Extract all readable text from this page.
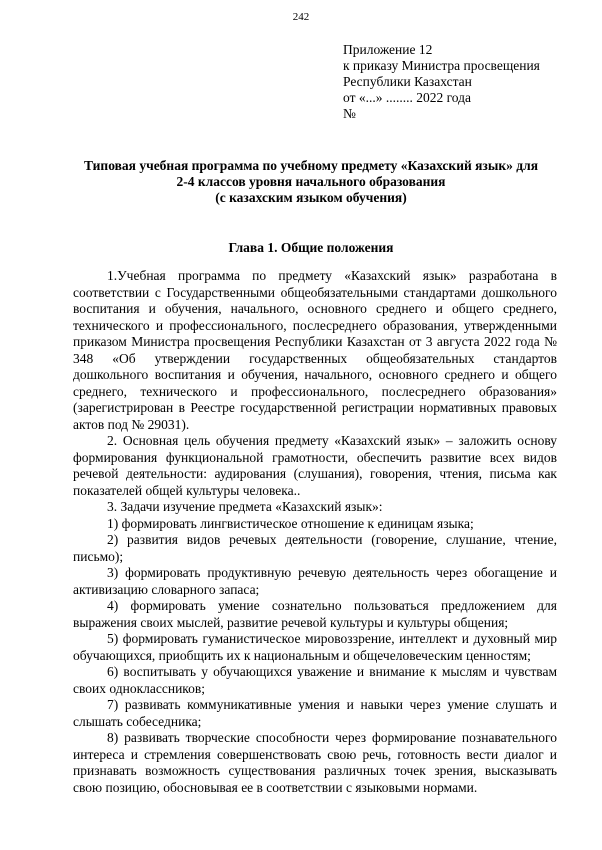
242
Приложение 12
к приказу Министра просвещения
Республики Казахстан
от «...» ........ 2022 года
№
Типовая учебная программа по учебному предмету «Казахский язык» для
2-4 классов уровня начального образования
(с казахским языком обучения)
Глава 1. Общие положения

1.Учебная программа по предмету «Казахский язык» разработана в соответствии с Государственными общеобязательными стандартами дошкольного воспитания и обучения, начального, основного среднего и общего среднего, технического и профессионального, послесреднего образования, утвержденными приказом Министра просвещения Республики Казахстан от 3 августа 2022 года № 348 «Об утверждении государственных общеобязательных стандартов дошкольного воспитания и обучения, начального, основного среднего и общего среднего, технического и профессионального, послесреднего образования» (зарегистрирован в Реестре государственной регистрации нормативных правовых актов под № 29031).

2. Основная цель обучения предмету «Казахский язык» – заложить основу формирования функциональной грамотности, обеспечить развитие всех видов речевой деятельности: аудирования (слушания), говорения, чтения, письма как показателей общей культуры человека..

3. Задачи изучение предмета «Казахский язык»:

1) формировать лингвистическое отношение к единицам языка;

2) развития видов речевых деятельности (говорение, слушание, чтение, письмо);

3) формировать продуктивную речевую деятельность через обогащение и активизацию словарного запаса;

4) формировать умение сознательно пользоваться предложением для выражения своих мыслей, развитие речевой культуры и культуры общения;

5) формировать гуманистическое мировоззрение, интеллект и духовный мир обучающихся, приобщить их к национальным и общечеловеческим ценностям;

6) воспитывать у обучающихся уважение и внимание к мыслям и чувствам своих одноклассников;

7) развивать коммуникативные умения и навыки через умение слушать и слышать собеседника;

8) развивать творческие способности через формирование познавательного интереса и стремления совершенствовать свою речь, готовность вести диалог и признавать возможность существования различных точек зрения, высказывать свою позицию, обосновывая ее в соответствии с языковыми нормами.
